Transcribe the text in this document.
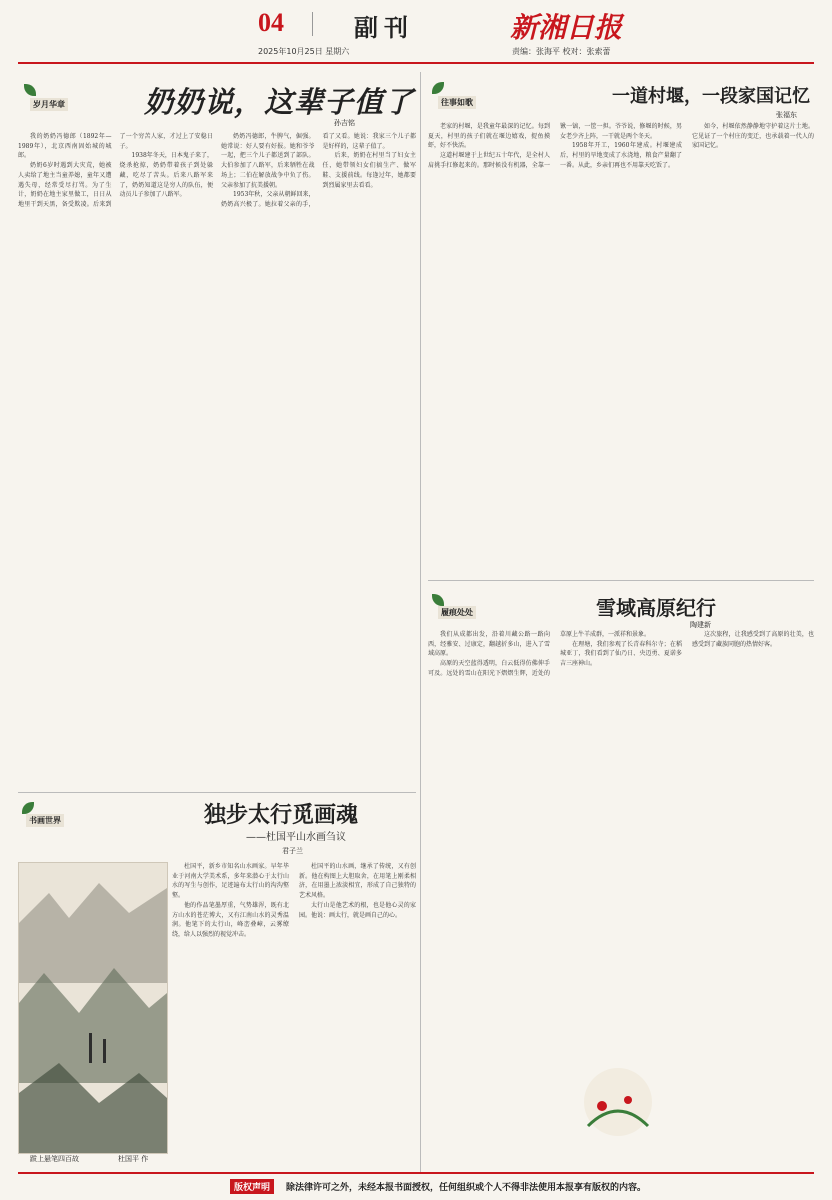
04	副刊
2025年10月25日 星期六
新湘日报
责编：张海平 校对：张索蕾
岁月华章	奶奶说，这辈子值了
孙吉铭

我的奶奶冯德郎（1892年—1989年），北京西南固始城的城郎。

奶奶6岁时遇到大灾荒，她被人卖给了地主当童养媳，童年又遭遇失母，经常受尽打骂。为了生计，奶奶在地主家里做工，日日从地里干到天黑，备受欺凌。后来到了一个穷苦人家，才过上了安稳日子。

1938年冬天，日本鬼子来了，烧杀抢掠，奶奶带着孩子到处躲藏，吃尽了苦头。后来八路军来了，奶奶知道这是穷人的队伍，便动员儿子参加了八路军。

奶奶冯德郎，牛脾气，倔强。她常说：好人要有好报。她和爷爷一起，把三个儿子都送到了部队。大伯参加了八路军，后来牺牲在战场上；二伯在解放战争中负了伤。父亲参加了抗美援朝。

1953年秋，父亲从朝鲜回来，奶奶高兴极了。她拉着父亲的手，看了又看。她说：我家三个儿子都是好样的，这辈子值了。

后来，奶奶在村里当了妇女主任，她带领妇女们搞生产、做军鞋、支援前线。每逢过年，她都要到烈属家里去看看。

往事如歌	一道村堰，一段家国记忆
张福东

老家的村堰，是我童年最深的记忆。每到夏天，村里的孩子们就在堰边嬉戏，捉鱼摸虾，好不快活。

这道村堰建于上世纪五十年代，是全村人肩挑手扛修起来的。那时候没有机器，全靠一锹一镐，一筐一担。爷爷说，修堰的时候，男女老少齐上阵，一干就是两个冬天。

1958年开工，1960年建成。村堰建成后，村里的旱地变成了水浇地，粮食产量翻了一番。从此，乡亲们再也不用靠天吃饭了。

如今，村堰依然静静地守护着这片土地。它见证了一个村庄的变迁，也承载着一代人的家国记忆。

履痕处处	雪域高原纪行
陶建新

我们从成都出发，沿着川藏公路一路向西，经雅安、过康定，翻越折多山，进入了雪域高原。

高原的天空蓝得透明，白云低得仿佛伸手可及。远处的雪山在阳光下熠熠生辉，近处的草原上牛羊成群，一派祥和景象。

在理塘，我们参观了长青春科尔寺；在稻城亚丁，我们看到了仙乃日、央迈勇、夏诺多吉三座神山。

这次旅程，让我感受到了高原的壮美，也感受到了藏族同胞的热情好客。

书画世界	独步太行觅画魂
——杜国平山水画刍议
君子兰
跋上悬笔四百故	杜国平 作

杜国平，新乡市知名山水画家。早年毕业于河南大学美术系，多年来潜心于太行山水的写生与创作，足迹遍布太行山的沟沟壑壑。

他的作品笔墨厚重，气势雄浑，既有北方山水的苍茫博大，又有江南山水的灵秀温润。他笔下的太行山，峰峦叠嶂，云雾缭绕，给人以强烈的视觉冲击。

杜国平的山水画，继承了传统，又有创新。他在构图上大胆取舍，在用笔上刚柔相济，在用墨上浓淡相宜，形成了自己独特的艺术风格。

太行山是他艺术的根，也是他心灵的家园。他说：画太行，就是画自己的心。

版权声明	除法律许可之外，未经本报书面授权，任何组织或个人不得非法使用本报享有版权的内容。
